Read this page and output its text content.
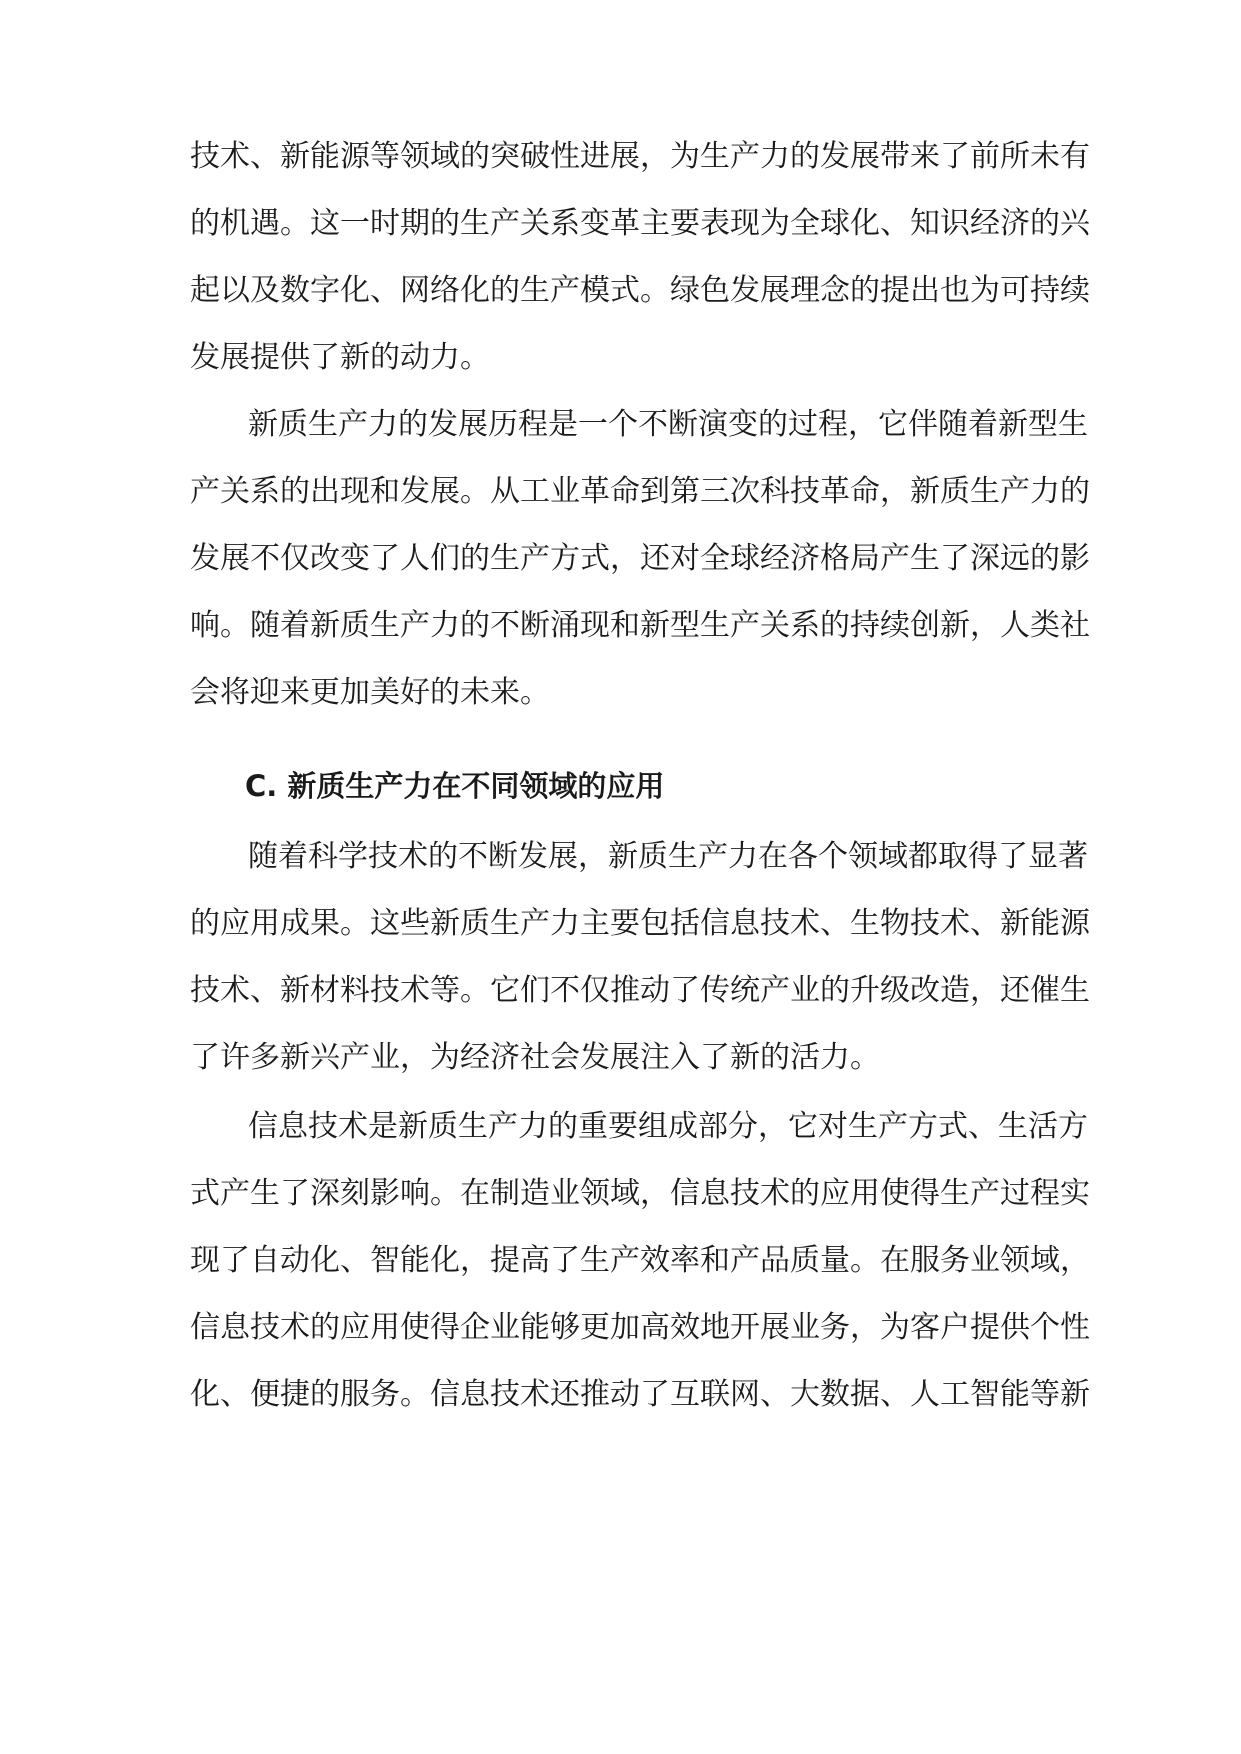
技术、新能源等领域的突破性进展，为生产力的发展带来了前所未有
的机遇。这一时期的生产关系变革主要表现为全球化、知识经济的兴
起以及数字化、网络化的生产模式。绿色发展理念的提出也为可持续
发展提供了新的动力。
新质生产力的发展历程是一个不断演变的过程，它伴随着新型生
产关系的出现和发展。从工业革命到第三次科技革命，新质生产力的
发展不仅改变了人们的生产方式，还对全球经济格局产生了深远的影
响。随着新质生产力的不断涌现和新型生产关系的持续创新，人类社
会将迎来更加美好的未来。
C. 新质生产力在不同领域的应用
随着科学技术的不断发展，新质生产力在各个领域都取得了显著
的应用成果。这些新质生产力主要包括信息技术、生物技术、新能源
技术、新材料技术等。它们不仅推动了传统产业的升级改造，还催生
了许多新兴产业，为经济社会发展注入了新的活力。
信息技术是新质生产力的重要组成部分，它对生产方式、生活方
式产生了深刻影响。在制造业领域，信息技术的应用使得生产过程实
现了自动化、智能化，提高了生产效率和产品质量。在服务业领域，
信息技术的应用使得企业能够更加高效地开展业务，为客户提供个性
化、便捷的服务。信息技术还推动了互联网、大数据、人工智能等新
